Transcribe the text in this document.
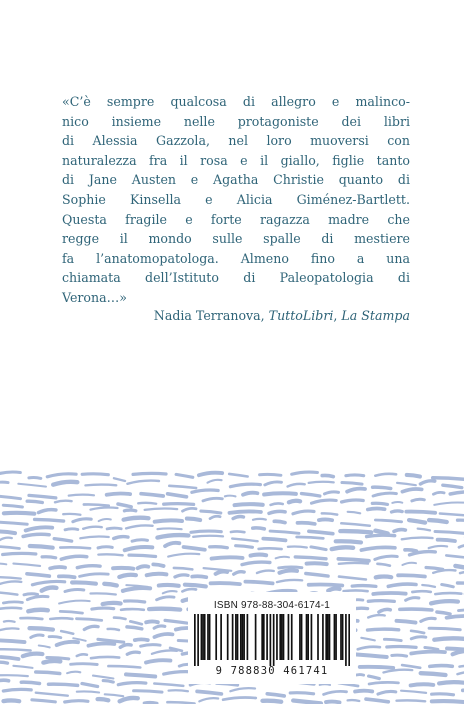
«C’è sempre qualcosa di allegro e malinco-
nico insieme nelle protagoniste dei libri
di Alessia Gazzola, nel loro muoversi con
naturalezza fra il rosa e il giallo, figlie tanto
di Jane Austen e Agatha Christie quanto di
Sophie Kinsella e Alicia Giménez-Bartlett.
Questa fragile e forte ragazza madre che
regge il mondo sulle spalle di mestiere
fa l’anatomopatologa. Almeno fino a una
chiamata dell’Istituto di Paleopatologia di
Verona…»
Nadia Terranova, TuttoLibri, La Stampa
ISBN 978-88-304-6174-1
9 788830 461741
